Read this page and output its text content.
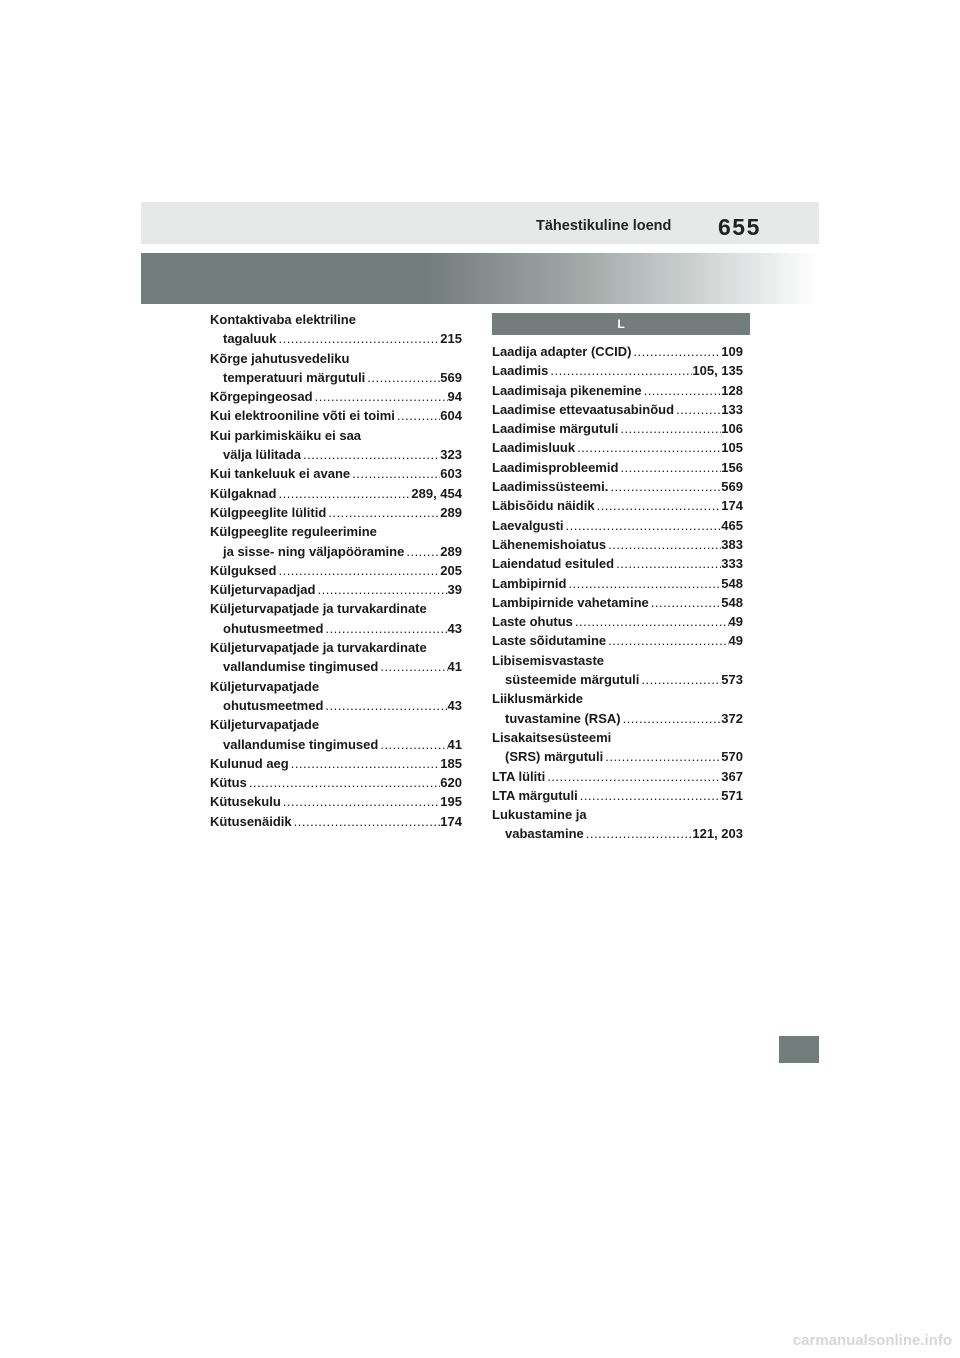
Tähestikuline loend 655
Kontaktivaba elektriline
tagaluuk .....	215
Kõrge jahutusvedeliku
temperatuuri märgutuli .....	569
Kõrgepingeosad .....	94
Kui elektrooniline võti ei toimi .....	604
Kui parkimiskäiku ei saa
välja lülitada .....	323
Kui tankeluuk ei avane .....	603
Külgaknad .....	289, 454
Külgpeeglite lülitid .....	289
Külgpeeglite reguleerimine
ja sisse- ning väljapööramine .....	289
Külguksed .....	205
Küljeturvapadjad .....	39
Küljeturvapatjade ja turvakardinate
ohutusmeetmed .....	43
Küljeturvapatjade ja turvakardinate
vallandumise tingimused .....	41
Küljeturvapatjade
ohutusmeetmed .....	43
Küljeturvapatjade
vallandumise tingimused .....	41
Kulunud aeg .....	185
Kütus .....	620
Kütusekulu .....	195
Kütusenäidik .....	174
L
Laadija adapter (CCID) .....	109
Laadimis .....	105, 135
Laadimisaja pikenemine .....	128
Laadimise ettevaatusabinõud .....	133
Laadimise märgutuli .....	106
Laadimisluuk .....	105
Laadimisprobleemid .....	156
Laadimissüsteemi. .....	569
Läbisõidu näidik .....	174
Laevalgusti .....	465
Lähenemishoiatus .....	383
Laiendatud esituled .....	333
Lambipirnid .....	548
Lambipirnide vahetamine .....	548
Laste ohutus .....	49
Laste sõidutamine .....	49
Libisemisvastaste
süsteemide märgutuli .....	573
Liiklusmärkide
tuvastamine (RSA) .....	372
Lisakaitsesüsteemi
(SRS) märgutuli .....	570
LTA lüliti .....	367
LTA märgutuli .....	571
Lukustamine ja
vabastamine .....	121, 203
carmanualsonline.info
